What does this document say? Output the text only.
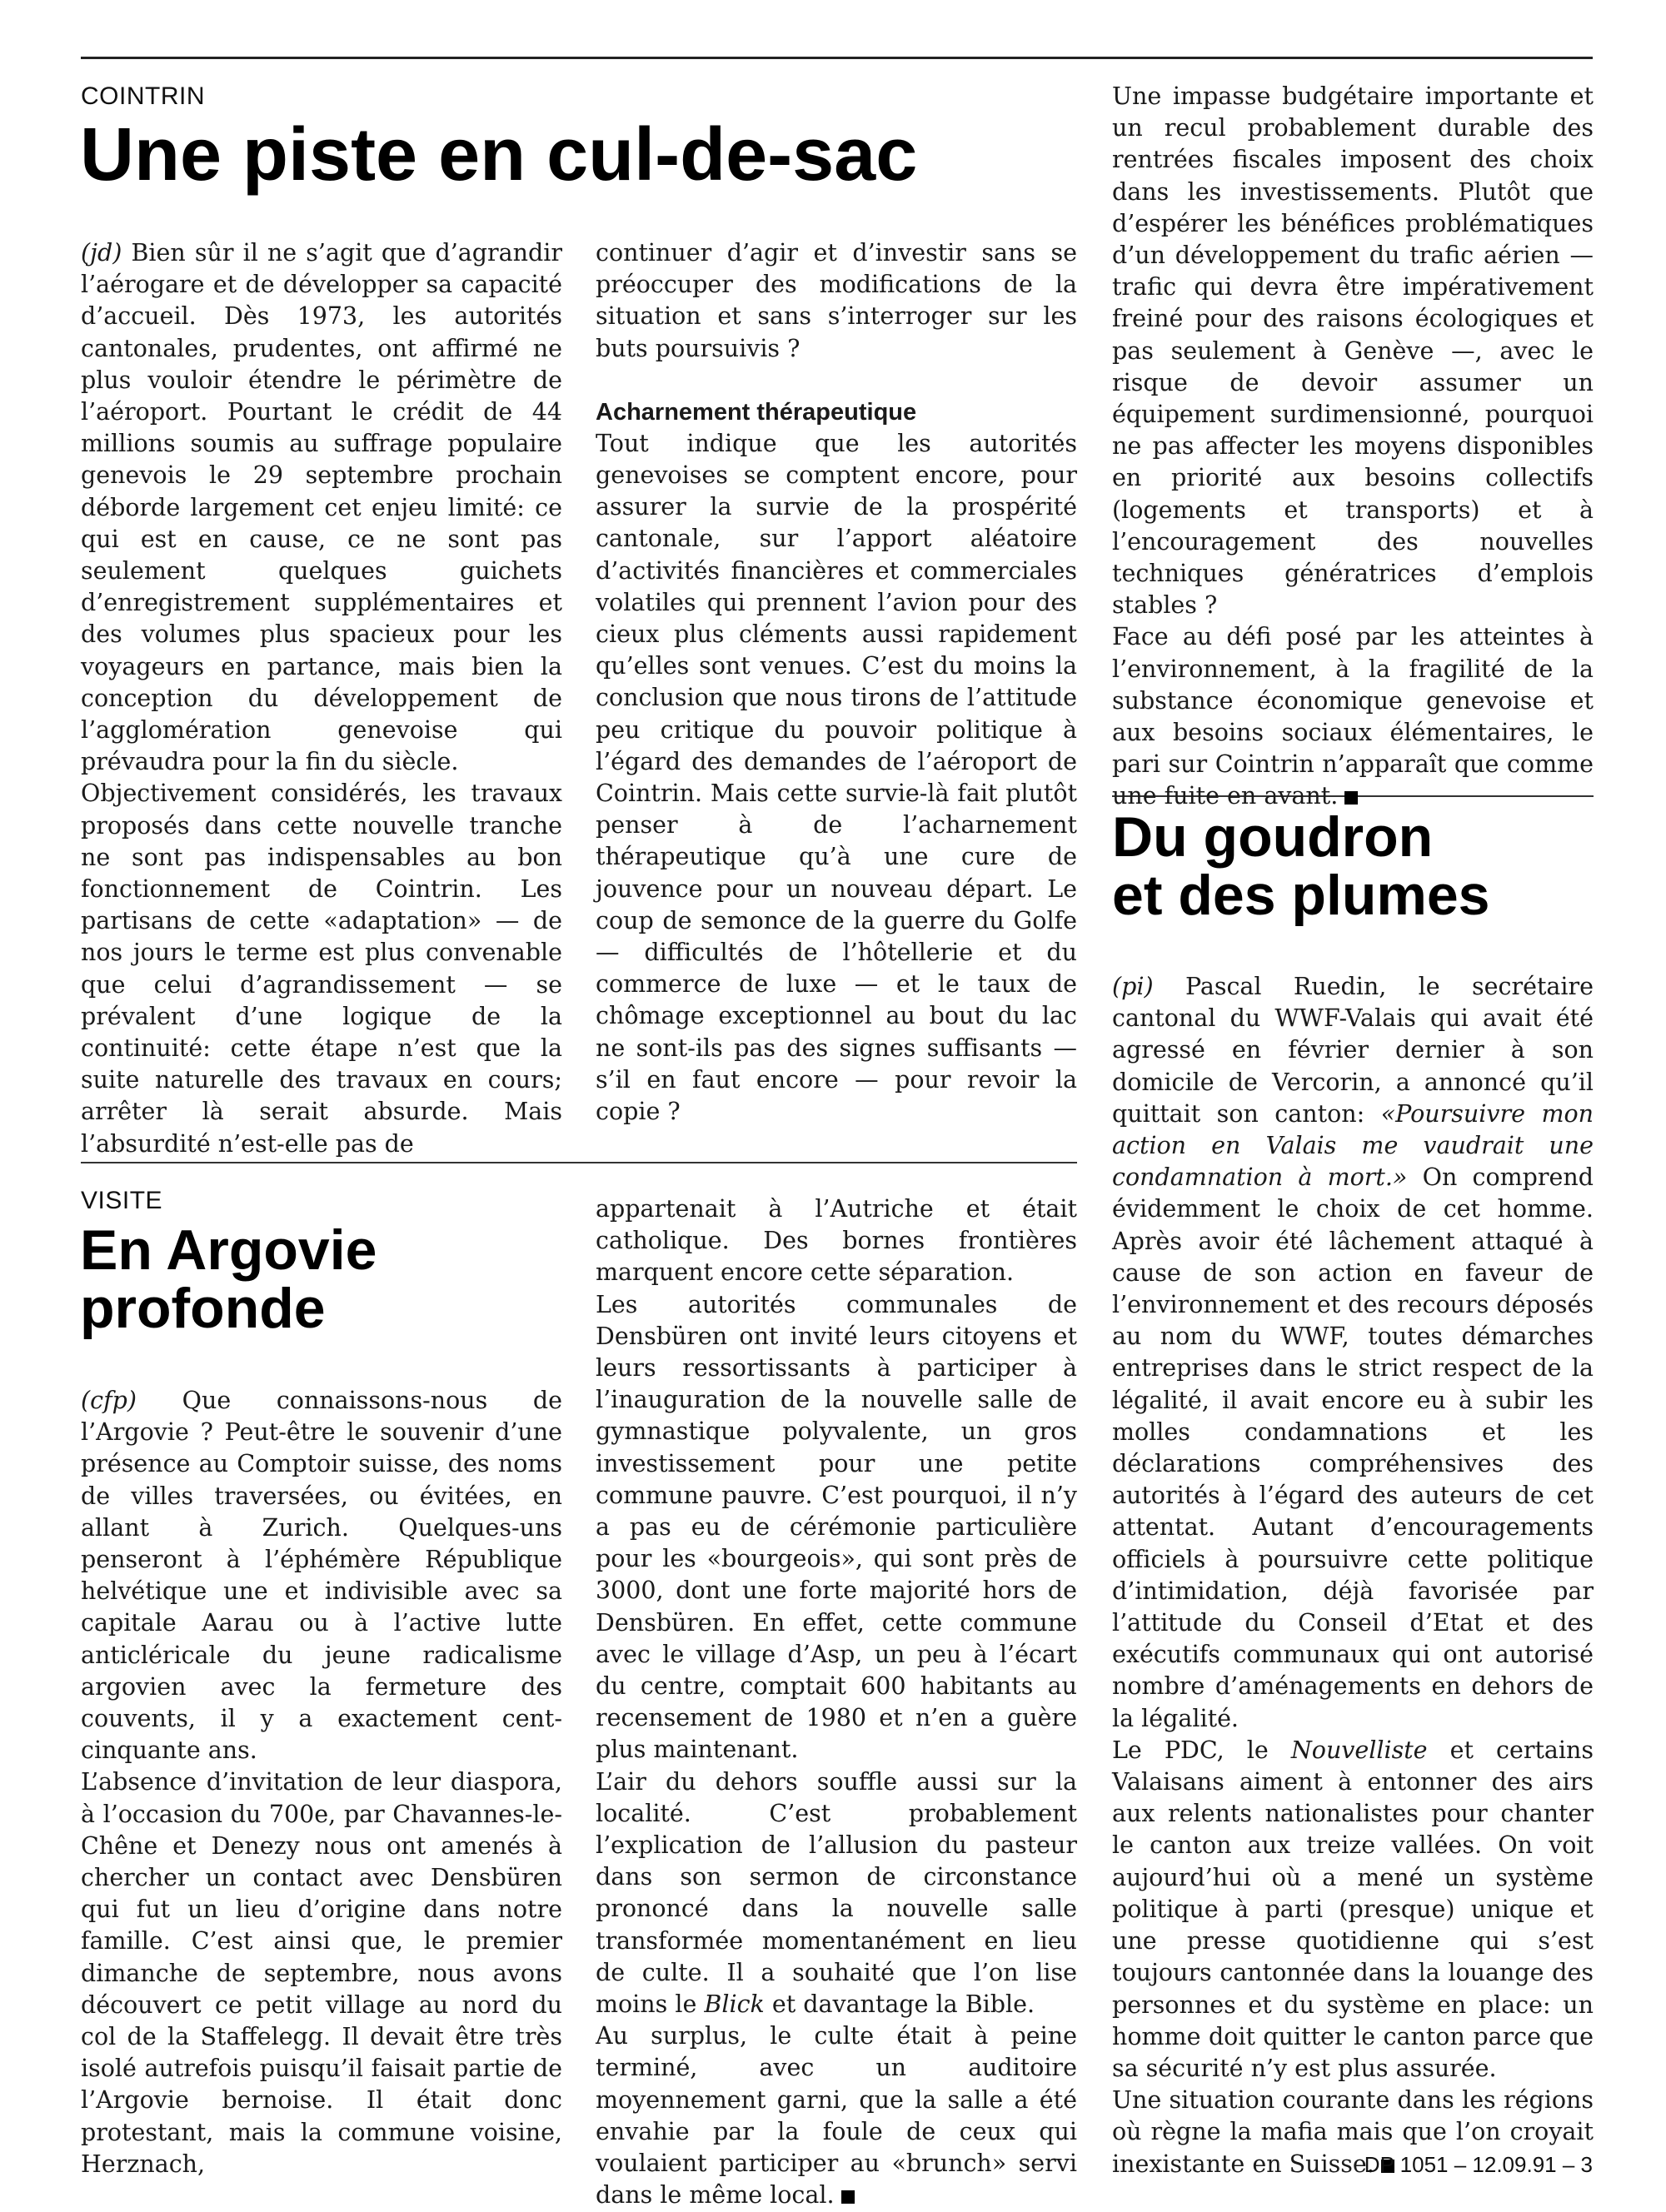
COINTRIN
Une piste en cul-de-sac

(jd) Bien sûr il ne s’agit que d’agrandir l’aérogare et de développer sa capacité d’accueil. Dès 1973, les autorités cantonales, prudentes, ont affirmé ne plus vouloir étendre le périmètre de l’aéroport. Pourtant le crédit de 44 millions soumis au suffrage populaire genevois le 29 septembre prochain déborde largement cet enjeu limité: ce qui est en cause, ce ne sont pas seulement quelques guichets d’enregistrement supplémentaires et des volumes plus spacieux pour les voyageurs en partance, mais bien la conception du développement de l’agglomération genevoise qui prévaudra pour la fin du siècle.

Objectivement considérés, les travaux proposés dans cette nouvelle tranche ne sont pas indispensables au bon fonctionnement de Cointrin. Les partisans de cette «adaptation» — de nos jours le terme est plus convenable que celui d’agrandissement — se prévalent d’une logique de la continuité: cette étape n’est que la suite naturelle des travaux en cours; arrêter là serait absurde. Mais l’absurdité n’est-elle pas de

continuer d’agir et d’investir sans se préoccuper des modifications de la situation et sans s’interroger sur les buts poursuivis ?

Acharnement thérapeutique

Tout indique que les autorités genevoises se comptent encore, pour assurer la survie de la prospérité cantonale, sur l’apport aléatoire d’activités financières et commerciales volatiles qui prennent l’avion pour des cieux plus cléments aussi rapidement qu’elles sont venues. C’est du moins la conclusion que nous tirons de l’attitude peu critique du pouvoir politique à l’égard des demandes de l’aéroport de Cointrin. Mais cette survie-là fait plutôt penser à de l’acharnement thérapeutique qu’à une cure de jouvence pour un nouveau départ. Le coup de semonce de la guerre du Golfe — difficultés de l’hôtellerie et du commerce de luxe — et le taux de chômage exceptionnel au bout du lac ne sont-ils pas des signes suffisants — s’il en faut encore — pour revoir la copie ?

Une impasse budgétaire importante et un recul probablement durable des rentrées fiscales imposent des choix dans les investissements. Plutôt que d’espérer les bénéfices problématiques d’un développement du trafic aérien — trafic qui devra être impérativement freiné pour des raisons écologiques et pas seulement à Genève —, avec le risque de devoir assumer un équipement surdimensionné, pourquoi ne pas affecter les moyens disponibles en priorité aux besoins collectifs (logements et transports) et à l’encouragement des nouvelles techniques génératrices d’emplois stables ?

Face au défi posé par les atteintes à l’environnement, à la fragilité de la substance économique genevoise et aux besoins sociaux élémentaires, le pari sur Cointrin n’apparaît que comme une fuite en avant.

VISITE
En Argovie
profonde

(cfp) Que connaissons-nous de l’Argovie ? Peut-être le souvenir d’une présence au Comptoir suisse, des noms de villes traversées, ou évitées, en allant à Zurich. Quelques-uns penseront à l’éphémère République helvétique une et indivisible avec sa capitale Aarau ou à l’active lutte anticléricale du jeune radicalisme argovien avec la fermeture des couvents, il y a exactement cent-cinquante ans.

L’absence d’invitation de leur diaspora, à l’occasion du 700e, par Chavannes-le-Chêne et Denezy nous ont amenés à chercher un contact avec Densbüren qui fut un lieu d’origine dans notre famille. C’est ainsi que, le premier dimanche de septembre, nous avons découvert ce petit village au nord du col de la Staffelegg. Il devait être très isolé autrefois puisqu’il faisait partie de l’Argovie bernoise. Il était donc protestant, mais la commune voisine, Herznach,

appartenait à l’Autriche et était catholique. Des bornes frontières marquent encore cette séparation.

Les autorités communales de Densbüren ont invité leurs citoyens et leurs ressortissants à participer à l’inauguration de la nouvelle salle de gymnastique polyvalente, un gros investissement pour une petite commune pauvre. C’est pourquoi, il n’y a pas eu de cérémonie particulière pour les «bourgeois», qui sont près de 3000, dont une forte majorité hors de Densbüren. En effet, cette commune avec le village d’Asp, un peu à l’écart du centre, comptait 600 habitants au recensement de 1980 et n’en a guère plus maintenant.

L’air du dehors souffle aussi sur la localité. C’est probablement l’explication de l’allusion du pasteur dans son sermon de circonstance prononcé dans la nouvelle salle transformée momentanément en lieu de culte. Il a souhaité que l’on lise moins le Blick et davantage la Bible.

Au surplus, le culte était à peine terminé, avec un auditoire moyennement garni, que la salle a été envahie par la foule de ceux qui voulaient participer au «brunch» servi dans le même local.

Du goudron
et des plumes

(pi) Pascal Ruedin, le secrétaire cantonal du WWF-Valais qui avait été agressé en février dernier à son domicile de Vercorin, a annoncé qu’il quittait son canton: «Poursuivre mon action en Valais me vaudrait une condamnation à mort.» On comprend évidemment le choix de cet homme. Après avoir été lâchement attaqué à cause de son action en faveur de l’environnement et des recours déposés au nom du WWF, toutes démarches entreprises dans le strict respect de la légalité, il avait encore eu à subir les molles condamnations et les déclarations compréhensives des autorités à l’égard des auteurs de cet attentat. Autant d’encouragements officiels à poursuivre cette politique d’intimidation, déjà favorisée par l’attitude du Conseil d’Etat et des exécutifs communaux qui ont autorisé nombre d’aménagements en dehors de la légalité.

Le PDC, le Nouvelliste et certains Valaisans aiment à entonner des airs aux relents nationalistes pour chanter le canton aux treize vallées. On voit aujourd’hui où a mené un système politique à parti (presque) unique et une presse quotidienne qui s’est toujours cantonnée dans la louange des personnes et du système en place: un homme doit quitter le canton parce que sa sécurité n’y est plus assurée.

Une situation courante dans les régions où règne la mafia mais que l’on croyait inexistante en Suisse.

DP 1051 – 12.09.91 – 3
